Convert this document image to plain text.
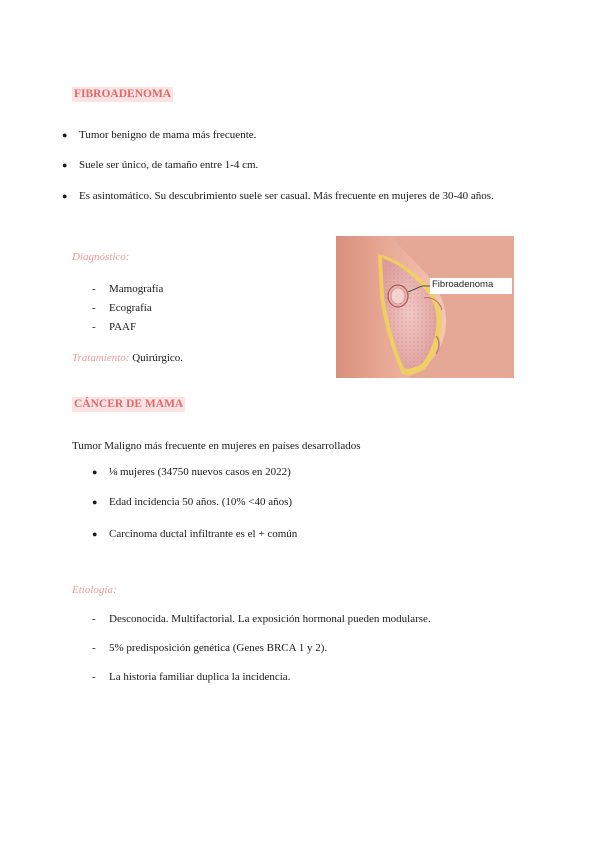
FIBROADENOMA
● Tumor benigno de mama más frecuente.
● Suele ser único, de tamaño entre 1-4 cm.
● Es asintomático. Su descubrimiento suele ser casual. Más frecuente en mujeres de 30-40 años.
Diagnóstico:
- Mamografía
- Ecografía
- PAAF
Tratamiento: Quirúrgico.
Fibroadenoma
CÁNCER DE MAMA
Tumor Maligno más frecuente en mujeres en países desarrollados
● ⅛ mujeres (34750 nuevos casos en 2022)
● Edad incidencia 50 años. (10% <40 años)
● Carcinoma ductal infiltrante es el + común
Etiología:
- Desconocida. Multifactorial. La exposición hormonal pueden modularse.
- 5% predisposición genética (Genes BRCA 1 y 2).
- La historia familiar duplica la incidencia.
